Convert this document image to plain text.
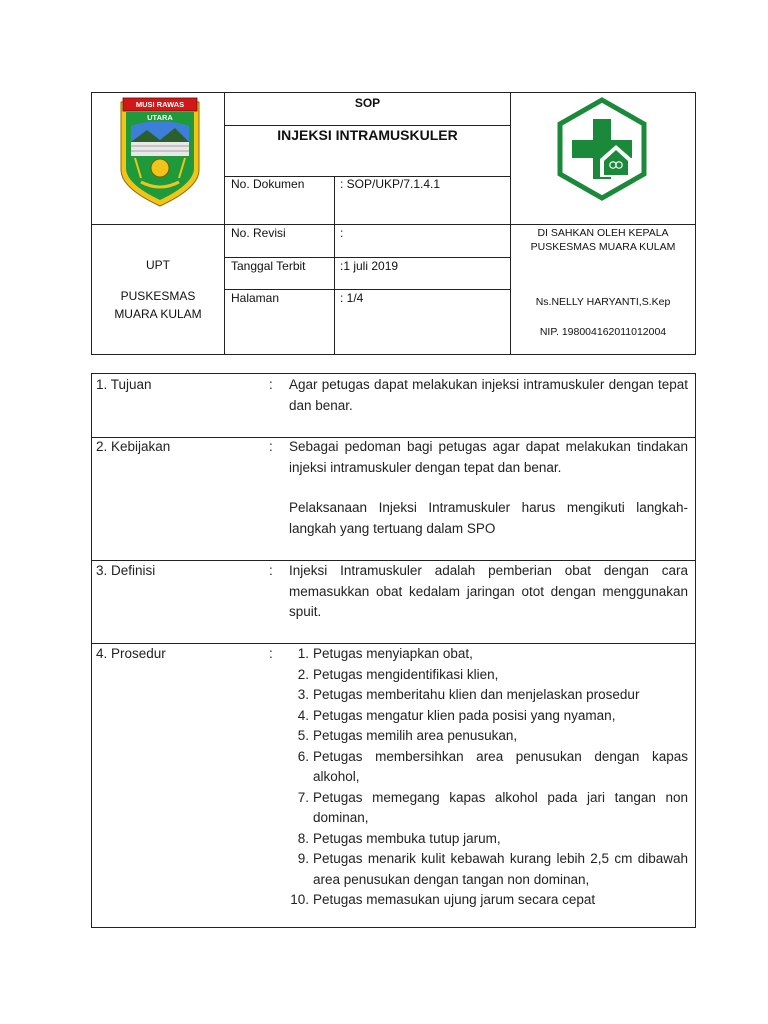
MUSI RAWAS UTARA
SOP
INJEKSI INTRAMUSKULER
No. Dokumen	: SOP/UKP/7.1.4.1
No. Revisi	:
Tanggal Terbit	:1 juli 2019
Halaman	: 1/4
UPT
PUSKESMAS
MUARA KULAM
DI SAHKAN OLEH KEPALA
PUSKESMAS MUARA KULAM
Ns.NELLY HARYANTI,S.Kep
NIP. 198004162011012004
1. Tujuan	: Agar petugas dapat melakukan injeksi intramuskuler dengan tepat dan benar.
2. Kebijakan	: Sebagai pedoman bagi petugas agar dapat melakukan tindakan injeksi intramuskuler dengan tepat dan benar.
Pelaksanaan Injeksi Intramuskuler harus mengikuti langkah-langkah yang tertuang dalam SPO
3. Definisi	: Injeksi Intramuskuler adalah pemberian obat dengan cara memasukkan obat kedalam jaringan otot dengan menggunakan spuit.
4. Prosedur	:	1. Petugas menyiapkan obat,
2. Petugas mengidentifikasi klien,
3. Petugas memberitahu klien dan menjelaskan prosedur
4. Petugas mengatur klien pada posisi yang nyaman,
5. Petugas memilih area penusukan,
6. Petugas membersihkan area penusukan dengan kapas alkohol,
7. Petugas memegang kapas alkohol pada jari tangan non dominan,
8. Petugas membuka tutup jarum,
9. Petugas menarik kulit kebawah kurang lebih 2,5 cm dibawah area penusukan dengan tangan non dominan,
10. Petugas memasukan ujung jarum secara cepat
